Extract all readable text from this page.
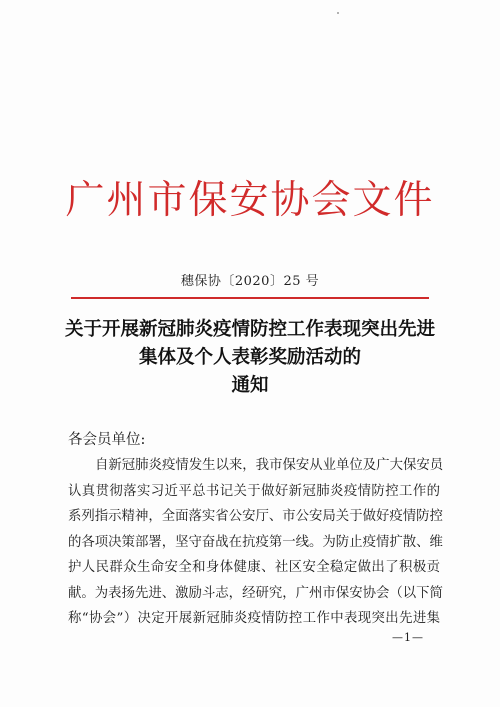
广州市保安协会文件
穗保协〔2020〕25 号
关于开展新冠肺炎疫情防控工作表现突出先进
集体及个人表彰奖励活动的
通知
各会员单位:
自新冠肺炎疫情发生以来，我市保安从业单位及广大保安员
认真贯彻落实习近平总书记关于做好新冠肺炎疫情防控工作的
系列指示精神，全面落实省公安厅、市公安局关于做好疫情防控
的各项决策部署，坚守奋战在抗疫第一线。为防止疫情扩散、维
护人民群众生命安全和身体健康、社区安全稳定做出了积极贡
献。为表扬先进、激励斗志，经研究，广州市保安协会（以下简
称“协会”）决定开展新冠肺炎疫情防控工作中表现突出先进集
—1—
